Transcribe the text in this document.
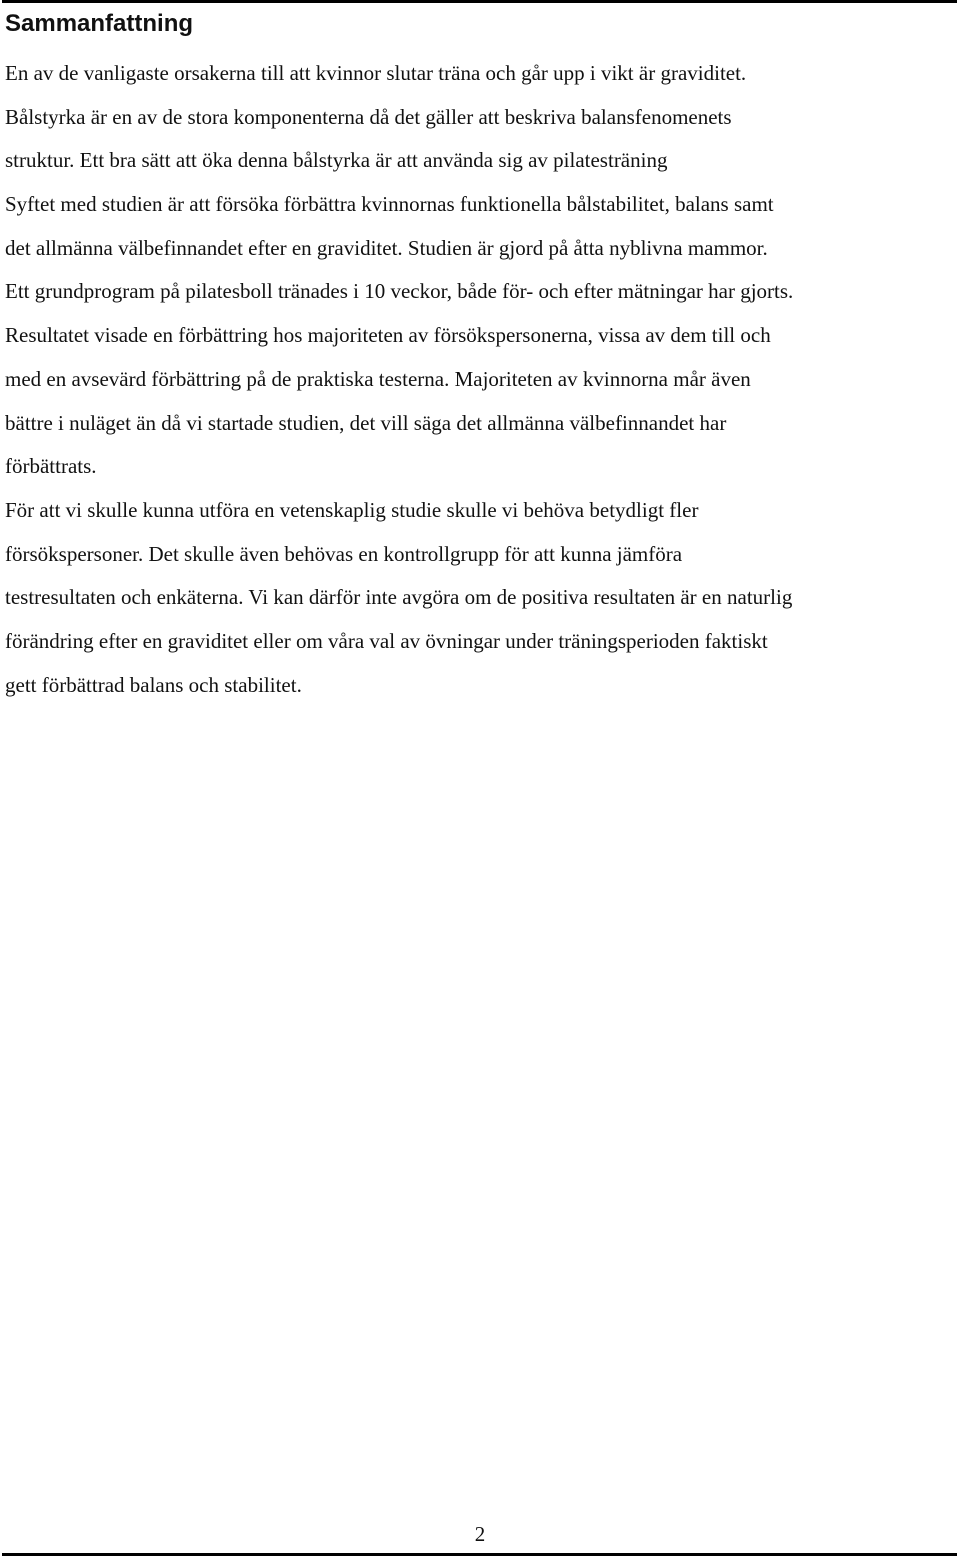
Sammanfattning

En av de vanligaste orsakerna till att kvinnor slutar träna och går upp i vikt är graviditet.
Bålstyrka är en av de stora komponenterna då det gäller att beskriva balansfenomenets
struktur. Ett bra sätt att öka denna bålstyrka är att använda sig av pilatesträning
Syftet med studien är att försöka förbättra kvinnornas funktionella bålstabilitet, balans samt
det allmänna välbefinnandet efter en graviditet. Studien är gjord på åtta nyblivna mammor.
Ett grundprogram på pilatesboll tränades i 10 veckor, både för- och efter mätningar har gjorts.
Resultatet visade en förbättring hos majoriteten av försökspersonerna, vissa av dem till och
med en avsevärd förbättring på de praktiska testerna. Majoriteten av kvinnorna mår även
bättre i nuläget än då vi startade studien, det vill säga det allmänna välbefinnandet har
förbättrats.

För att vi skulle kunna utföra en vetenskaplig studie skulle vi behöva betydligt fler
försökspersoner. Det skulle även behövas en kontrollgrupp för att kunna jämföra
testresultaten och enkäterna. Vi kan därför inte avgöra om de positiva resultaten är en naturlig
förändring efter en graviditet eller om våra val av övningar under träningsperioden faktiskt
gett förbättrad balans och stabilitet.

2
